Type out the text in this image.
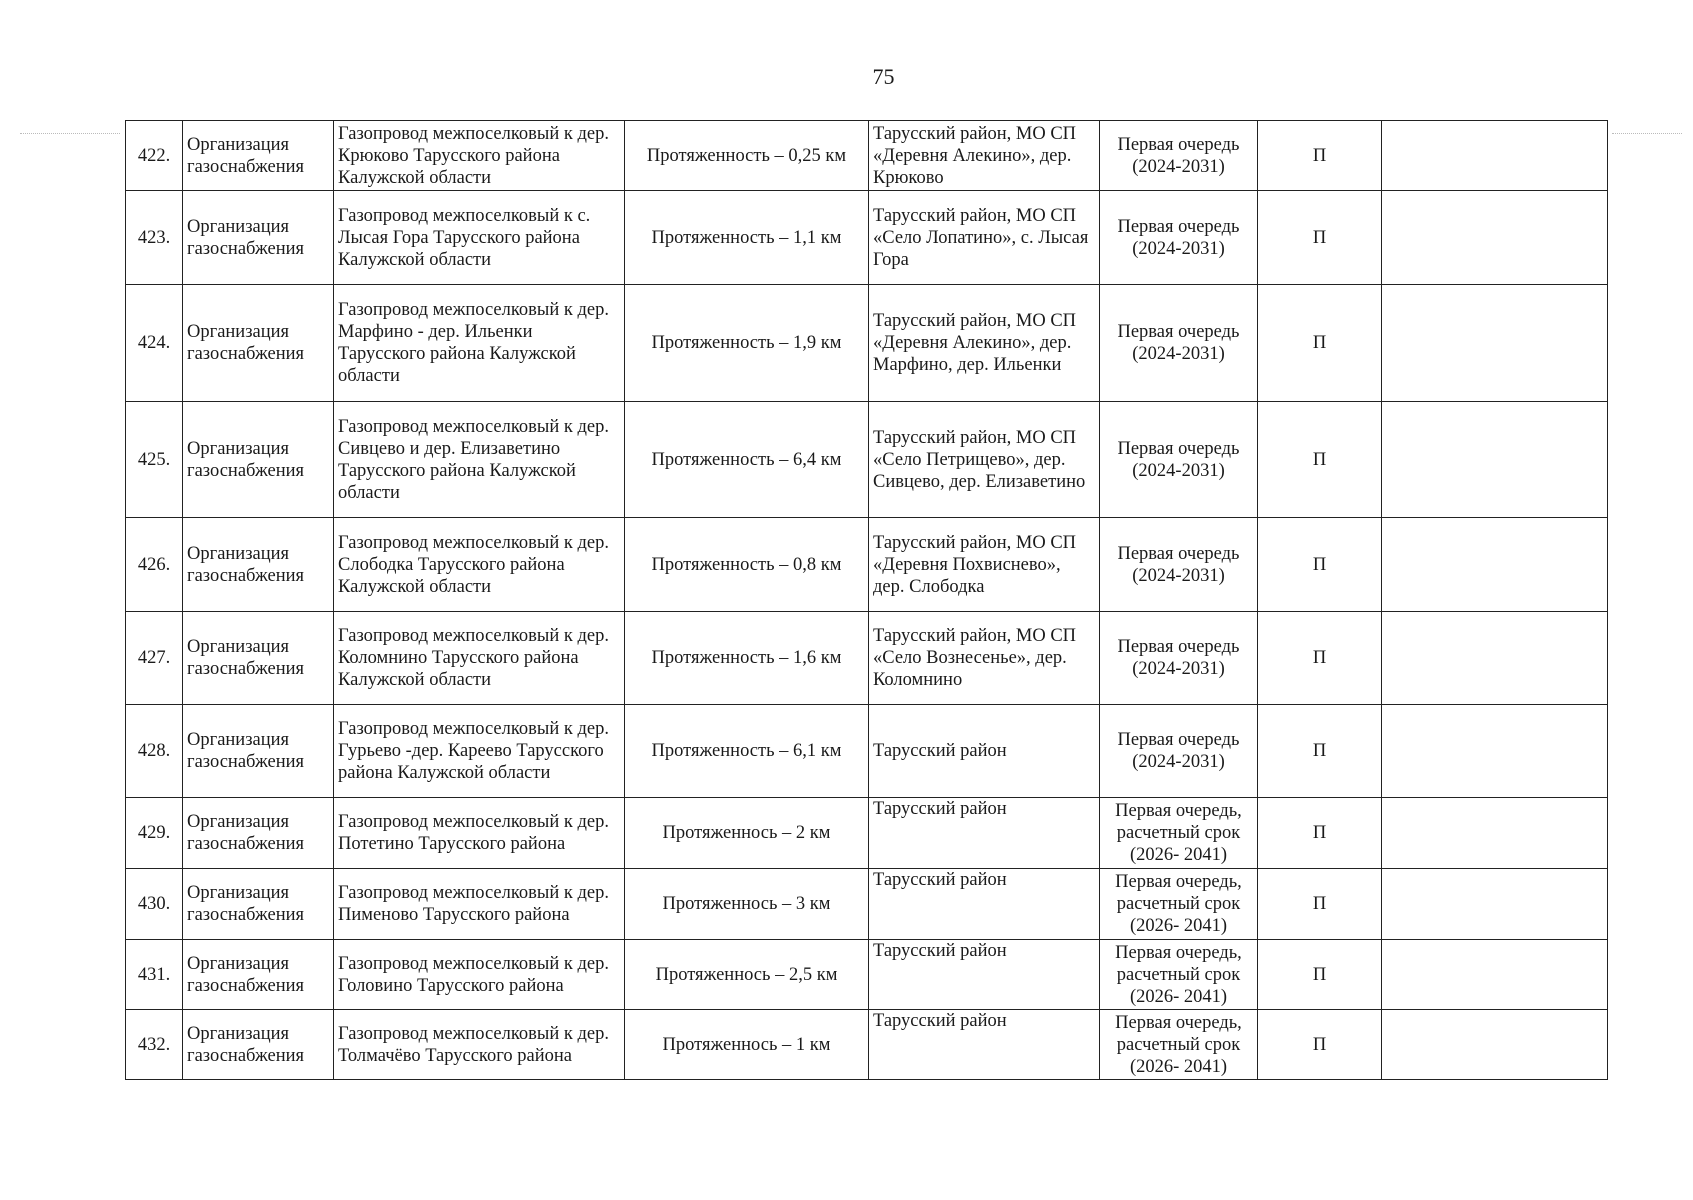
75
422.	Организация газоснабжения	Газопровод межпоселковый к дер. Крюково Тарусского района Калужской области	Протяженность – 0,25 км	Тарусский район, МО СП «Деревня Алекино», дер. Крюково	Первая очередь (2024-2031)	П	
423.	Организация газоснабжения	Газопровод межпоселковый к с. Лысая Гора Тарусского района Калужской области	Протяженность – 1,1 км	Тарусский район, МО СП «Село Лопатино», с. Лысая Гора	Первая очередь (2024-2031)	П	
424.	Организация газоснабжения	Газопровод межпоселковый к дер. Марфино - дер. Ильенки Тарусского района Калужской области	Протяженность – 1,9 км	Тарусский район, МО СП «Деревня Алекино», дер. Марфино, дер. Ильенки	Первая очередь (2024-2031)	П	
425.	Организация газоснабжения	Газопровод межпоселковый к дер. Сивцево и дер. Елизаветино Тарусского района Калужской области	Протяженность – 6,4 км	Тарусский район, МО СП «Село Петрищево», дер. Сивцево, дер. Елизаветино	Первая очередь (2024-2031)	П	
426.	Организация газоснабжения	Газопровод межпоселковый к дер. Слободка Тарусского района Калужской области	Протяженность – 0,8 км	Тарусский район, МО СП «Деревня Похвиснево», дер. Слободка	Первая очередь (2024-2031)	П	
427.	Организация газоснабжения	Газопровод межпоселковый к дер. Коломнино Тарусского района Калужской области	Протяженность – 1,6 км	Тарусский район, МО СП «Село Вознесенье», дер. Коломнино	Первая очередь (2024-2031)	П	
428.	Организация газоснабжения	Газопровод межпоселковый к дер. Гурьево -дер. Кареево Тарусского района Калужской области	Протяженность – 6,1 км	Тарусский район	Первая очередь (2024-2031)	П	
429.	Организация газоснабжения	Газопровод межпоселковый к дер. Потетино Тарусского района	Протяженнось – 2 км	Тарусский район	Первая очередь, расчетный срок (2026- 2041)	П	
430.	Организация газоснабжения	Газопровод межпоселковый к дер. Пименово Тарусского района	Протяженнось – 3 км	Тарусский район	Первая очередь, расчетный срок (2026- 2041)	П	
431.	Организация газоснабжения	Газопровод межпоселковый к дер. Головино Тарусского района	Протяженнось – 2,5 км	Тарусский район	Первая очередь, расчетный срок (2026- 2041)	П	
432.	Организация газоснабжения	Газопровод межпоселковый к дер. Толмачёво Тарусского района	Протяженнось – 1 км	Тарусский район	Первая очередь, расчетный срок (2026- 2041)	П	
